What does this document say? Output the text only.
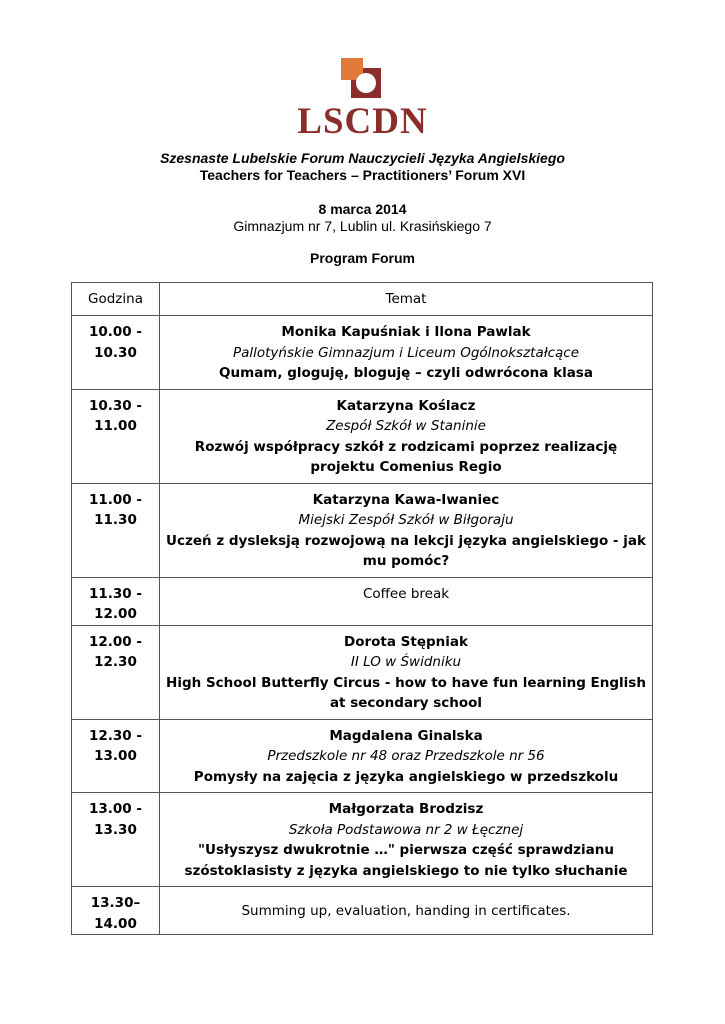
LSCDN
Szesnaste Lubelskie Forum Nauczycieli Języka Angielskiego
Teachers for Teachers – Practitioners’ Forum XVI
8 marca 2014
Gimnazjum nr 7, Lublin ul. Krasińskiego 7
Program Forum
Godzina	Temat
10.00 - 10.30	Monika Kapuśniak i Ilona Pawlak
Pallotyńskie Gimnazjum i Liceum Ogólnokształcące
Qumam, gloguję, bloguję – czyli odwrócona klasa

10.30 - 11.00	Katarzyna Koślacz
Zespół Szkół w Staninie
Rozwój współpracy szkół z rodzicami poprzez realizację projektu Comenius Regio

11.00 - 11.30	Katarzyna Kawa-Iwaniec
Miejski Zespół Szkół w Biłgoraju
Uczeń z dysleksją rozwojową na lekcji języka angielskiego - jak mu pomóc?

11.30 - 12.00	Coffee break

12.00 - 12.30	Dorota Stępniak
II LO w Świdniku
High School Butterfly Circus - how to have fun learning English at secondary school

12.30 - 13.00	Magdalena Ginalska
Przedszkole nr 48 oraz Przedszkole nr 56
Pomysły na zajęcia z języka angielskiego w przedszkolu

13.00 - 13.30	Małgorzata Brodzisz
Szkoła Podstawowa nr 2 w Łęcznej
"Usłyszysz dwukrotnie …" pierwsza część sprawdzianu szóstoklasisty z języka angielskiego to nie tylko słuchanie

13.30– 14.00	Summing up, evaluation, handing in certificates.
